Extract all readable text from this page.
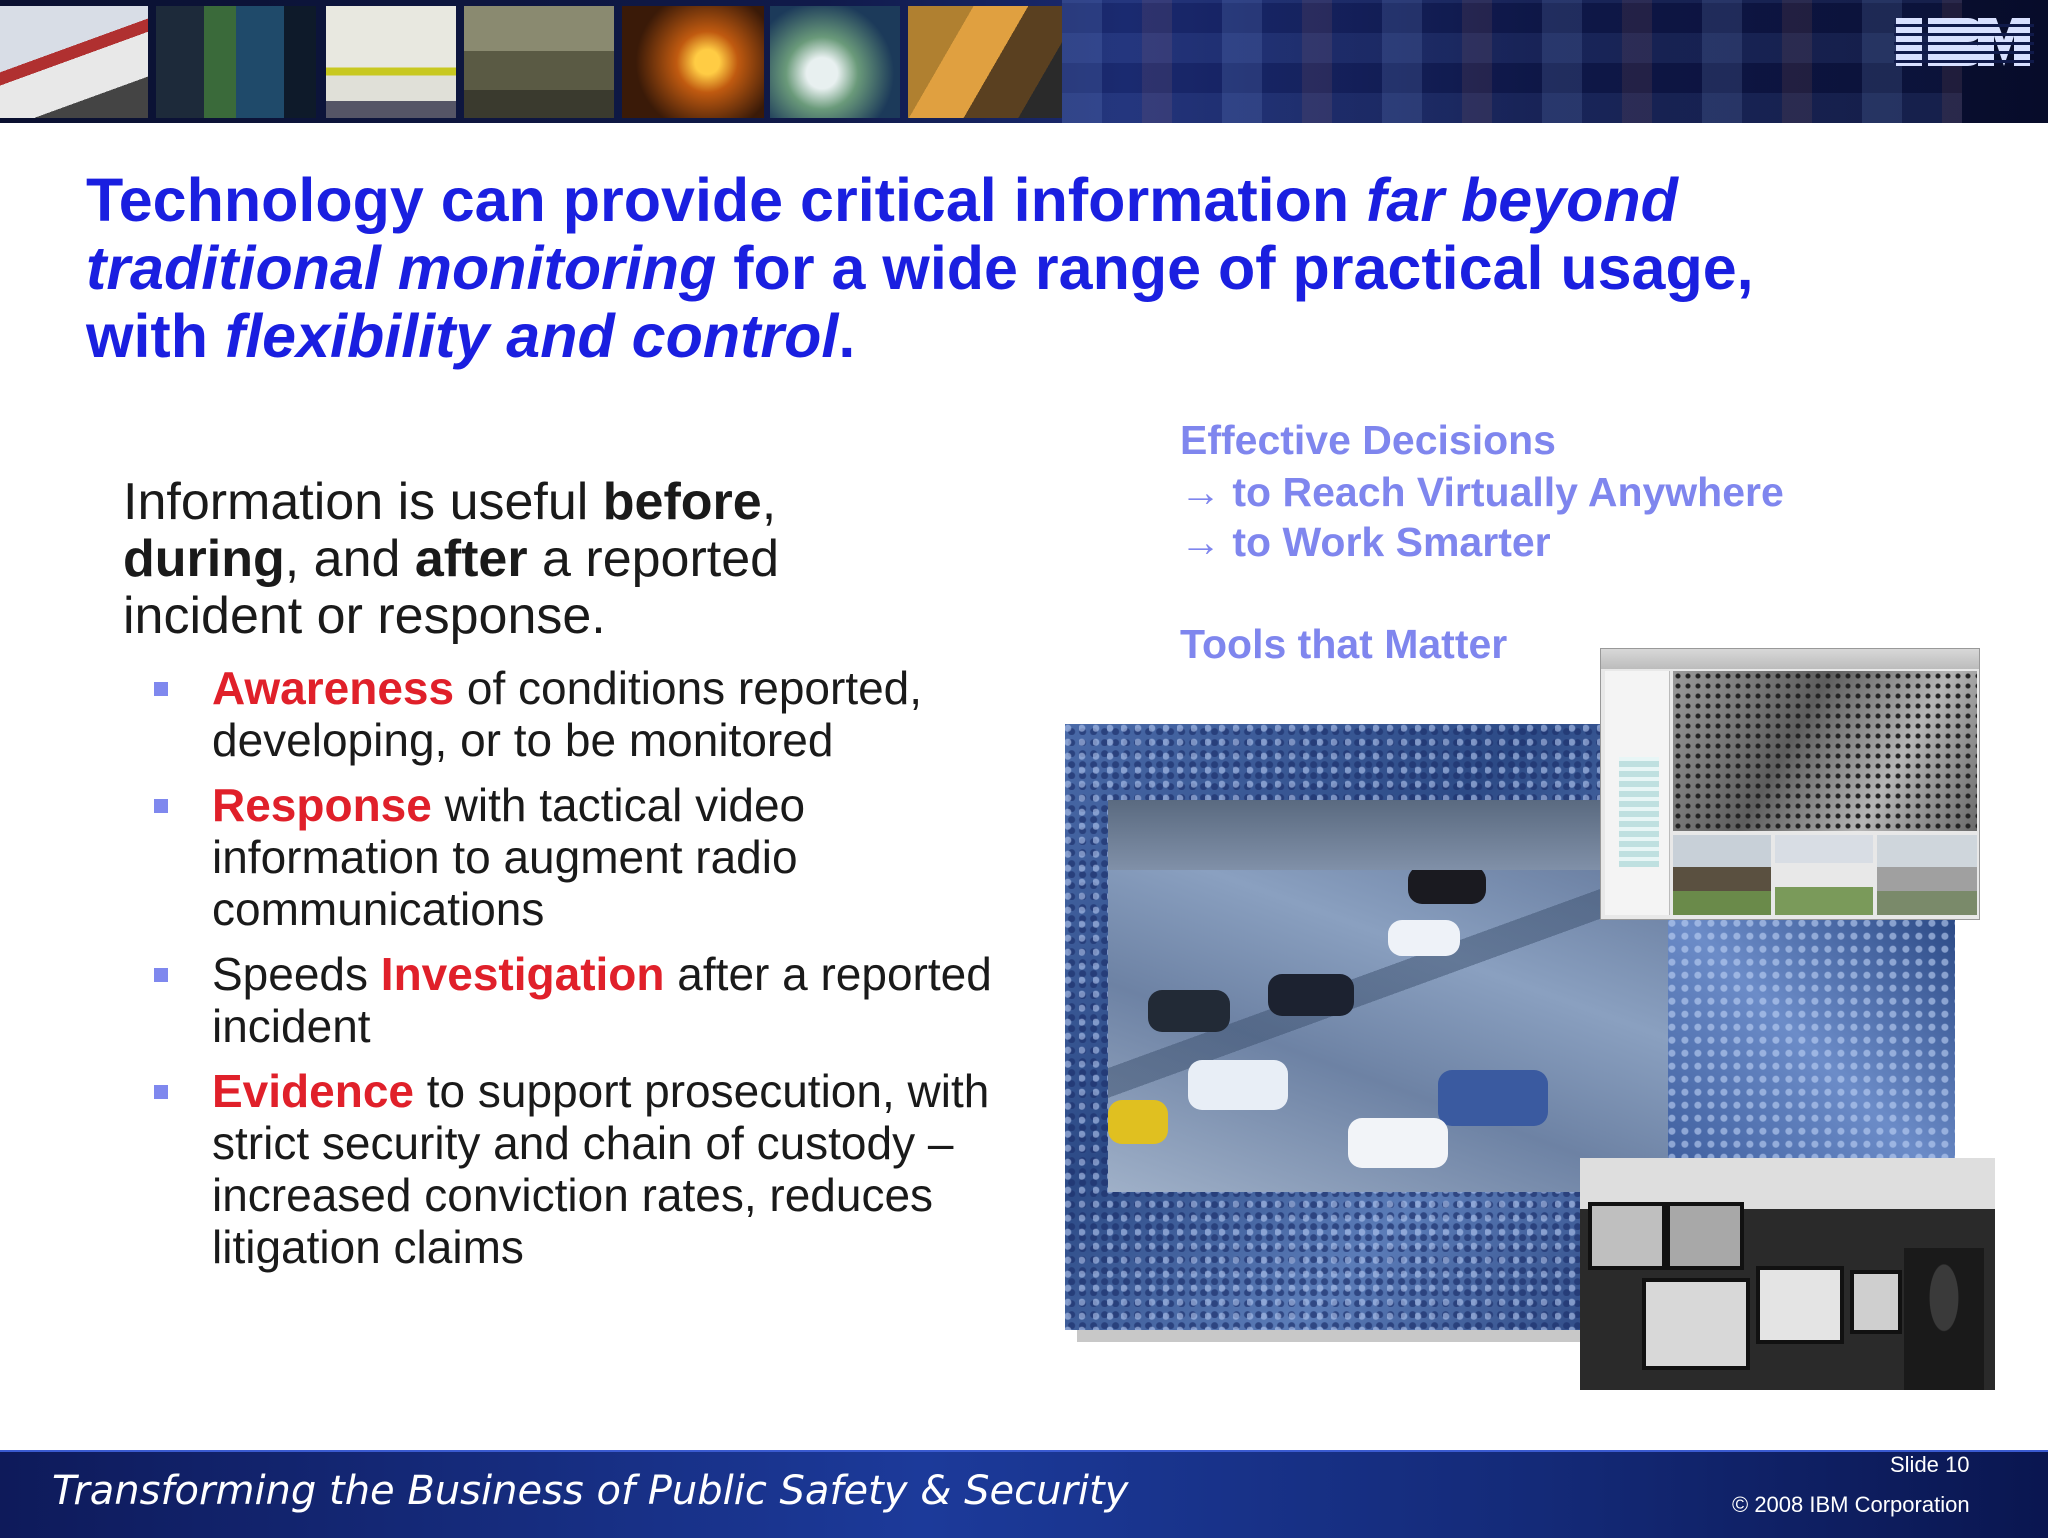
Technology can provide critical information far beyond traditional monitoring for a wide range of practical usage, with flexibility and control.
Information is useful before,
during, and after a reported incident or response.
Awareness of conditions reported, developing, or to be monitored
Response with tactical video information to augment radio communications
Speeds Investigation after a reported incident
Evidence to support prosecution, with strict security and chain of custody – increased conviction rates, reduces litigation claims
Effective Decisions
→ to Reach Virtually Anywhere
→ to Work Smarter
Tools that Matter
Transforming the Business of Public Safety & Security
Slide 10
© 2008 IBM Corporation
